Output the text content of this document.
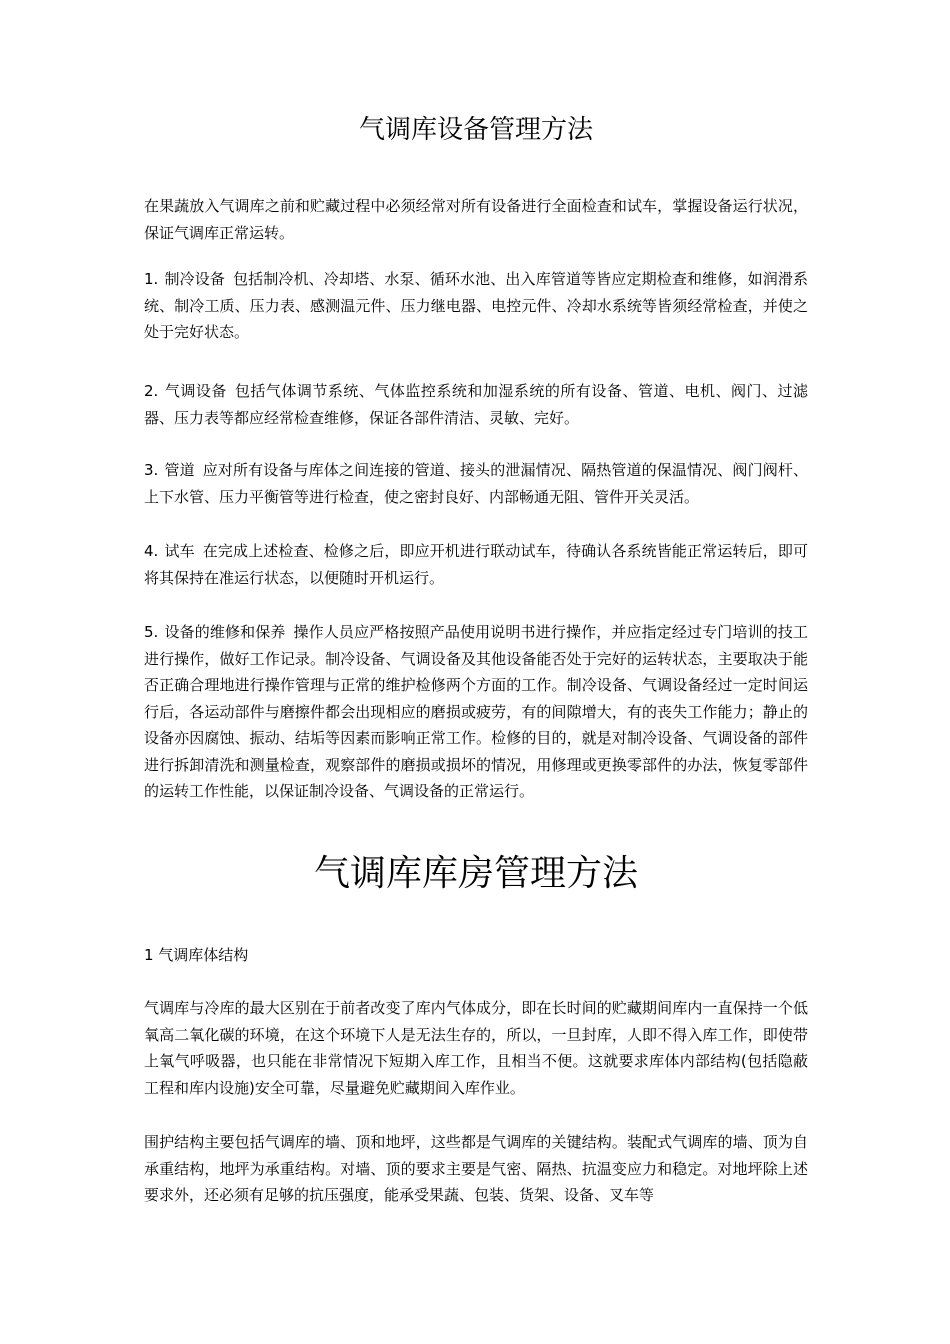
气调库设备管理方法

在果蔬放入气调库之前和贮藏过程中必须经常对所有设备进行全面检查和试车，掌握设备运行状况，保证气调库正常运转。

1. 制冷设备 包括制冷机、冷却塔、水泵、循环水池、出入库管道等皆应定期检查和维修，如润滑系统、制冷工质、压力表、感测温元件、压力继电器、电控元件、冷却水系统等皆须经常检查，并使之处于完好状态。

2. 气调设备 包括气体调节系统、气体监控系统和加湿系统的所有设备、管道、电机、阀门、过滤器、压力表等都应经常检查维修，保证各部件清洁、灵敏、完好。

3. 管道 应对所有设备与库体之间连接的管道、接头的泄漏情况、隔热管道的保温情况、阀门阀杆、上下水管、压力平衡管等进行检查，使之密封良好、内部畅通无阻、管件开关灵活。

4. 试车 在完成上述检查、检修之后，即应开机进行联动试车，待确认各系统皆能正常运转后，即可将其保持在准运行状态，以便随时开机运行。

5. 设备的维修和保养 操作人员应严格按照产品使用说明书进行操作，并应指定经过专门培训的技工进行操作，做好工作记录。制冷设备、气调设备及其他设备能否处于完好的运转状态，主要取决于能否正确合理地进行操作管理与正常的维护检修两个方面的工作。制冷设备、气调设备经过一定时间运行后，各运动部件与磨擦件都会出现相应的磨损或疲劳，有的间隙增大，有的丧失工作能力；静止的设备亦因腐蚀、振动、结垢等因素而影响正常工作。检修的目的，就是对制冷设备、气调设备的部件进行拆卸清洗和测量检查，观察部件的磨损或损坏的情况，用修理或更换零部件的办法，恢复零部件的运转工作性能，以保证制冷设备、气调设备的正常运行。

气调库库房管理方法

1 气调库体结构

气调库与冷库的最大区别在于前者改变了库内气体成分，即在长时间的贮藏期间库内一直保持一个低氧高二氧化碳的环境，在这个环境下人是无法生存的，所以，一旦封库，人即不得入库工作，即使带上氧气呼吸器，也只能在非常情况下短期入库工作，且相当不便。这就要求库体内部结构(包括隐蔽工程和库内设施)安全可靠，尽量避免贮藏期间入库作业。

围护结构主要包括气调库的墙、顶和地坪，这些都是气调库的关键结构。装配式气调库的墙、顶为自承重结构，地坪为承重结构。对墙、顶的要求主要是气密、隔热、抗温变应力和稳定。对地坪除上述要求外，还必须有足够的抗压强度，能承受果蔬、包装、货架、设备、叉车等
